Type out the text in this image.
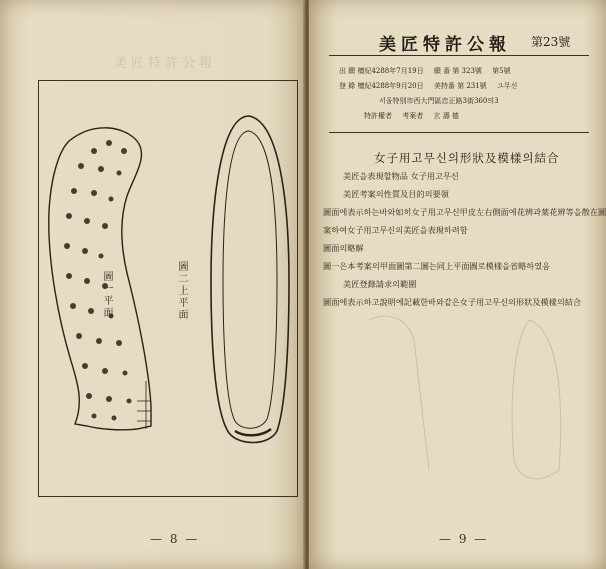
美匠特許公報
圖一平面	圖二上平面
— 8 —
美匠特許公報 第23號
出 願 檀紀4288年7月19日 願 番 第 323號 第5號
登 錄 檀紀4288年9月20日 美特番 第 231號 ユ무신
서울特別市西大門區忠正路3街360의3
特許權者 考案者 玄 壽 德
女子用고무신의形狀及模樣의結合
美匠을表現할物品 女子用고무신
美匠考案의性質及目的의要領
圖面에表示하는바와如히女子用고무신甲皮左右側面에花辨과葉花辨等을散在圖
案하여女子用고무신의美匠을表現하려함
圖面의略解
圖一은本考案의甲面圖第二圖는同上平面圖로模樣을省略하였음
美匠登錄請求의範圍
圖面에表示하고說明에記載한바와같은女子用고무신의形狀及模樣의結合
— 9 —
